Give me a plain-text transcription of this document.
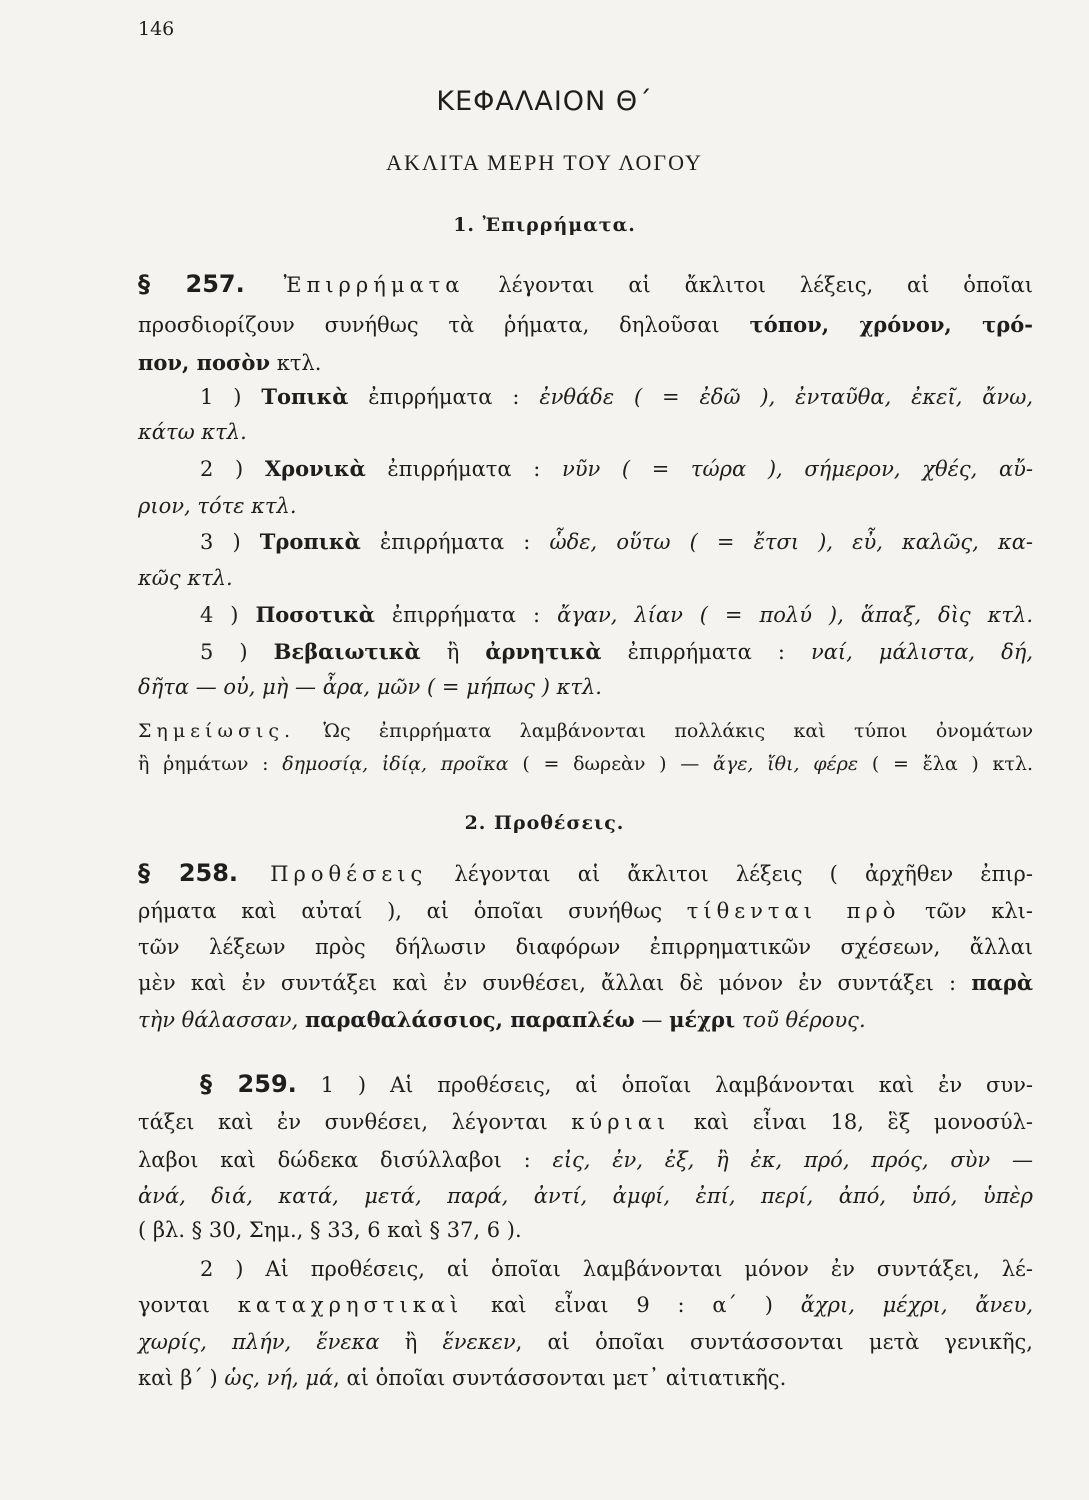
146
ΚΕΦΑΛΑΙΟΝ Θ΄
ΑΚΛΙΤΑ ΜΕΡΗ ΤΟΥ ΛΟΓΟΥ
1. Ἐπιρρήματα.
§ 257. Ἐπιρρήματα λέγονται αἱ ἄκλιτοι λέξεις, αἱ ὁποῖαι
προσδιορίζουν συνήθως τὰ ῥήματα, δηλοῦσαι τόπον, χρόνον, τρό-
πον, ποσὸν κτλ.
1 ) Τοπικὰ ἐπιρρήματα : ἐνθάδε ( = ἐδῶ ), ἐνταῦθα, ἐκεῖ, ἄνω,
κάτω κτλ.
2 ) Χρονικὰ ἐπιρρήματα : νῦν ( = τώρα ), σήμερον, χθές, αὔ-
ριον, τότε κτλ.
3 ) Τροπικὰ ἐπιρρήματα : ὧδε, οὕτω ( = ἔτσι ), εὖ, καλῶς, κα-
κῶς κτλ.
4 ) Ποσοτικὰ ἐπιρρήματα : ἄγαν, λίαν ( = πολύ ), ἅπαξ, δὶς κτλ.
5 ) Βεβαιωτικὰ ἢ ἀρνητικὰ ἐπιρρήματα : ναί, μάλιστα, δή,
δῆτα — οὐ, μὴ — ἆρα, μῶν ( = μήπως ) κτλ.
Σημείωσις. Ὡς ἐπιρρήματα λαμβάνονται πολλάκις καὶ τύποι ὀνομάτων
ἢ ῥημάτων : δημοσίᾳ, ἰδίᾳ, προῖκα ( = δωρεὰν ) — ἄγε, ἴθι, φέρε ( = ἔλα ) κτλ.
2. Προθέσεις.
§ 258. Προθέσεις λέγονται αἱ ἄκλιτοι λέξεις ( ἀρχῆθεν ἐπιρ-
ρήματα καὶ αὐταί ), αἱ ὁποῖαι συνήθως τίθενται πρὸ τῶν κλι-
τῶν λέξεων πρὸς δήλωσιν διαφόρων ἐπιρρηματικῶν σχέσεων, ἄλλαι
μὲν καὶ ἐν συντάξει καὶ ἐν συνθέσει, ἄλλαι δὲ μόνον ἐν συντάξει : παρὰ
τὴν θάλασσαν, παραθαλάσσιος, παραπλέω — μέχρι τοῦ θέρους.
§ 259. 1 ) Αἱ προθέσεις, αἱ ὁποῖαι λαμβάνονται καὶ ἐν συν-
τάξει καὶ ἐν συνθέσει, λέγονται κύριαι καὶ εἶναι 18, ἓξ μονοσύλ-
λαβοι καὶ δώδεκα δισύλλαβοι : εἰς, ἐν, ἐξ, ἢ ἐκ, πρό, πρός, σὺν —
ἀνά, διά, κατά, μετά, παρά, ἀντί, ἀμφί, ἐπί, περί, ἀπό, ὑπό, ὑπὲρ
( βλ. § 30, Σημ., § 33, 6 καὶ § 37, 6 ).
2 ) Αἱ προθέσεις, αἱ ὁποῖαι λαμβάνονται μόνον ἐν συντάξει, λέ-
γονται καταχρηστικαὶ καὶ εἶναι 9 : α΄ ) ἄχρι, μέχρι, ἄνευ,
χωρίς, πλήν, ἕνεκα ἢ ἕνεκεν, αἱ ὁποῖαι συντάσσονται μετὰ γενικῆς,
καὶ β΄ ) ὡς, νή, μά, αἱ ὁποῖαι συντάσσονται μετ᾽ αἰτιατικῆς.
